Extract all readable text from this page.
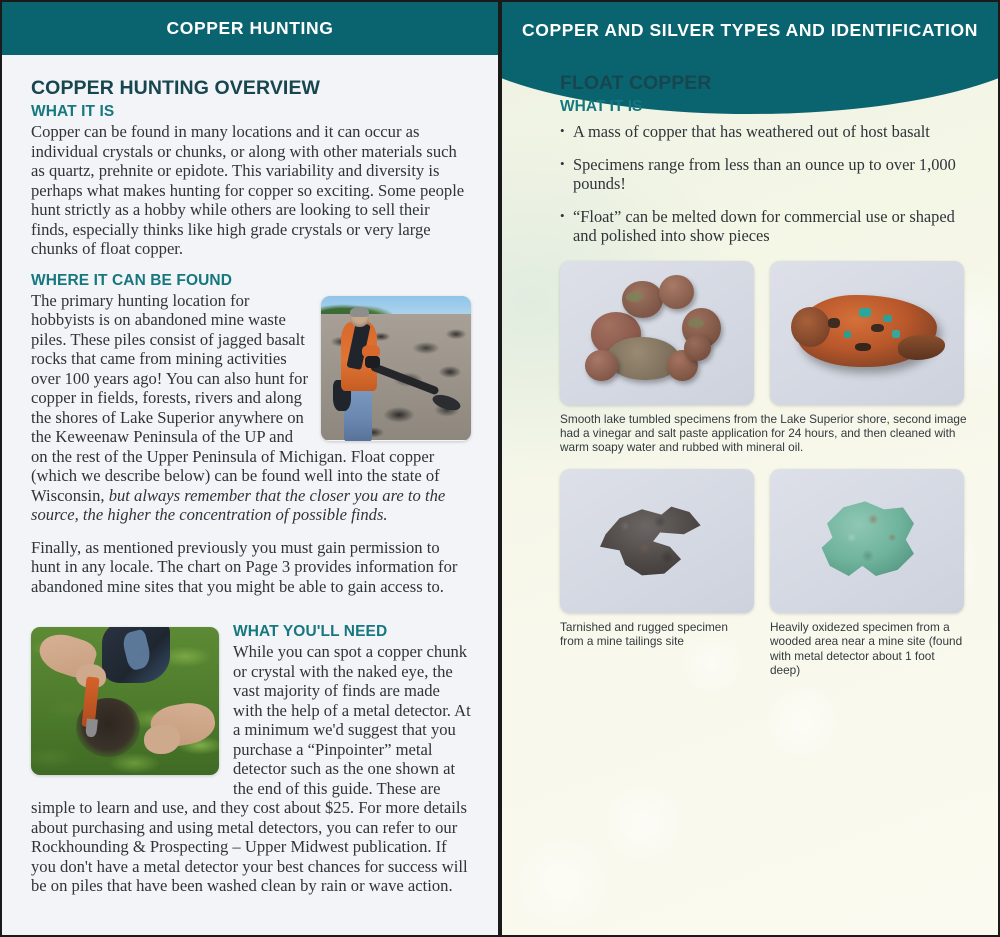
COPPER HUNTING
COPPER HUNTING OVERVIEW
WHAT IT IS

Copper can be found in many locations and it can occur as individual crystals or chunks, or along with other materials such as quartz, prehnite or epidote. This variability and diversity is perhaps what makes hunting for copper so exciting. Some people hunt strictly as a hobby while others are looking to sell their finds, especially thinks like high grade crystals or very large chunks of float copper.

WHERE IT CAN BE FOUND

The primary hunting location for hobbyists is on abandoned mine waste piles. These piles consist of jagged basalt rocks that came from mining activities over 100 years ago! You can also hunt for copper in fields, forests, rivers and along the shores of Lake Superior anywhere on the Keweenaw Peninsula of the UP and on the rest of the Upper Peninsula of Michigan. Float copper (which we describe below) can be found well into the state of Wisconsin, but always remember that the closer you are to the source, the higher the concentration of possible finds.

Finally, as mentioned previously you must gain permission to hunt in any locale. The chart on Page 3 provides information for abandoned mine sites that you might be able to gain access to.

WHAT YOU'LL NEED

While you can spot a copper chunk or crystal with the naked eye, the vast majority of finds are made with the help of a metal detector. At a minimum we'd suggest that you purchase a “Pinpointer” metal detector such as the one shown at the end of this guide. These are simple to learn and use, and they cost about $25. For more details about purchasing and using metal detectors, you can refer to our Rockhounding & Prospecting – Upper Midwest publication. If you don't have a metal detector your best chances for success will be on piles that have been washed clean by rain or wave action.

COPPER AND SILVER TYPES AND IDENTIFICATION
FLOAT COPPER
WHAT IT IS
• A mass of copper that has weathered out of host basalt
• Specimens range from less than an ounce up to over 1,000 pounds!
• “Float” can be melted down for commercial use or shaped and polished into show pieces
Smooth lake tumbled specimens from the Lake Superior shore, second image had a vinegar and salt paste application for 24 hours, and then cleaned with warm soapy water and rubbed with mineral oil.
Tarnished and rugged specimen from a mine tailings site
Heavily oxidezed specimen from a wooded area near a mine site (found with metal detector about 1 foot deep)
